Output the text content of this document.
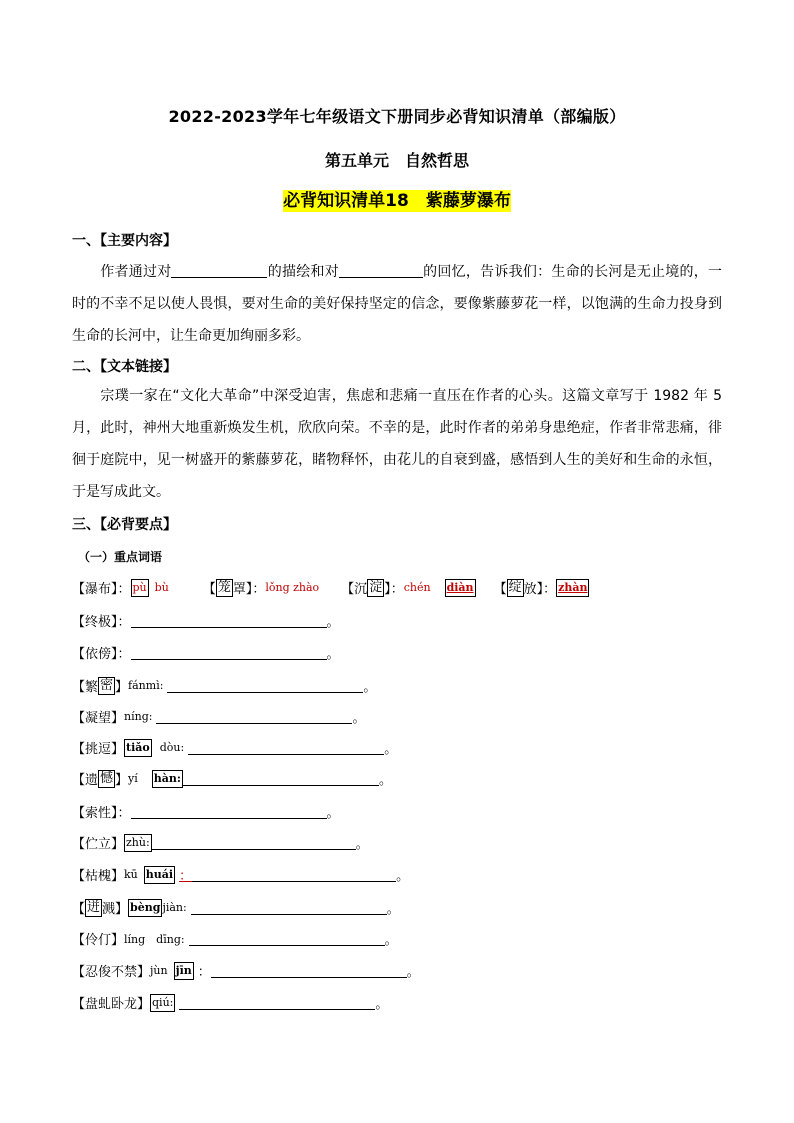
2022-2023学年七年级语文下册同步必背知识清单（部编版）
第五单元　自然哲思
必背知识清单18　紫藤萝瀑布
一、【主要内容】
作者通过对	的描绘和对	的回忆，告诉我们：生命的长河是无止境的，一时的不幸不足以使人畏惧，要对生命的美好保持坚定的信念，要像紫藤萝花一样，以饱满的生命力投身到生命的长河中，让生命更加绚丽多彩。
二、【文本链接】
宗璞一家在“文化大革命”中深受迫害，焦虑和悲痛一直压在作者的心头。这篇文章写于 1982 年 5 月，此时，神州大地重新焕发生机，欣欣向荣。不幸的是，此时作者的弟弟身患绝症，作者非常悲痛，徘徊于庭院中，见一树盛开的紫藤萝花，睹物释怀，由花儿的自衰到盛，感悟到人生的美好和生命的永恒，于是写成此文。
三、【必背要点】
（一）重点词语
【瀑布】： pù bù	【 笼 罩】： lǒng zhào 【沉 淀 】： chén diàn 【 绽 放】： zhàn
【终极】：	。
【依傍】：	。
【繁 密 】 fánmì:	。
【凝望】 níng:	。
【挑逗】 tiǎo dòu:	。
【遗 憾 】 yí hàn:	。
【索性】：	。
【伫立】 zhù:	。
【枯槐】 kū huái ：	。
【 迸 溅】 bèng jiàn:	。
【伶仃】 líng　dīng:	。
【忍俊不禁】 jùn jīn ：	。
【盘虬卧龙】 qiú:	。
